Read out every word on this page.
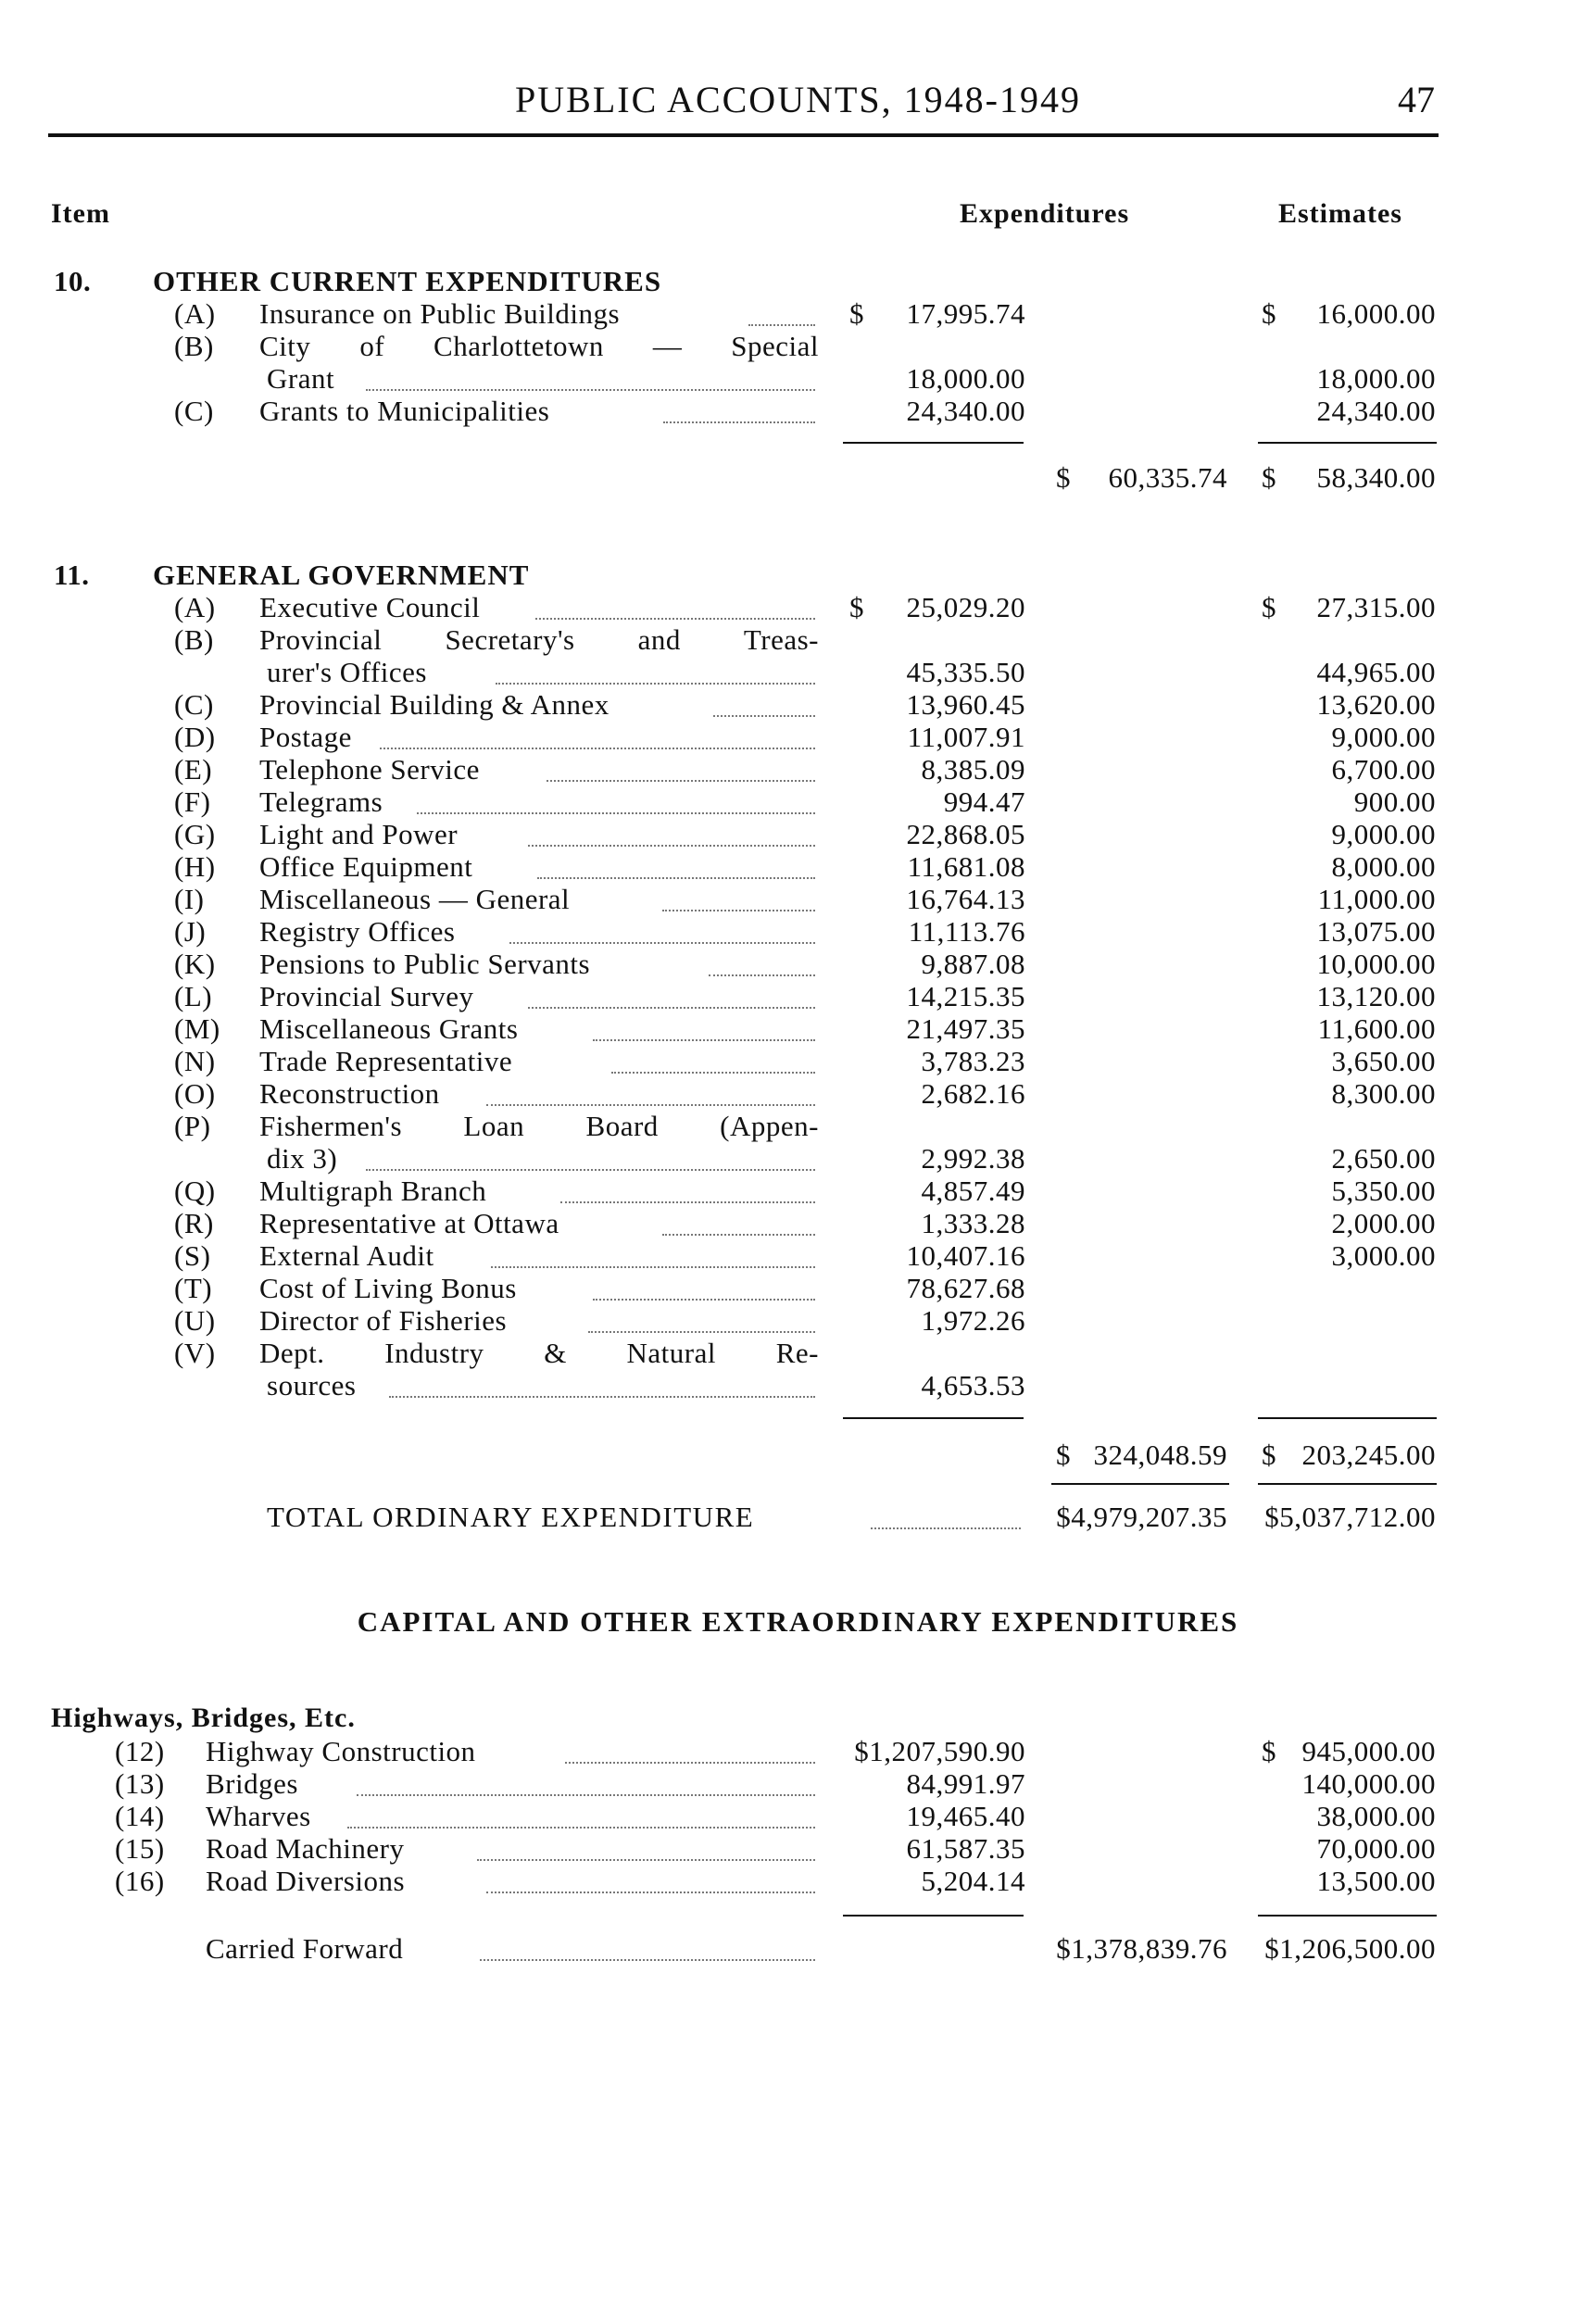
PUBLIC ACCOUNTS, 1948-1949	47
Item	Expenditures	Estimates
10. OTHER CURRENT EXPENDITURES
(A) Insurance on Public Buildings	$ 17,995.74	$ 16,000.00
(B) City of Charlottetown — Special
Grant	18,000.00	18,000.00
(C) Grants to Municipalities	24,340.00	24,340.00
$ 60,335.74 $ 58,340.00
11. GENERAL GOVERNMENT
(A) Executive Council	$ 25,029.20	$ 27,315.00
(B) Provincial Secretary's and Treas-
urer's Offices	45,335.50	44,965.00
(C) Provincial Building & Annex	13,960.45	13,620.00
(D) Postage	11,007.91	9,000.00
(E) Telephone Service	8,385.09	6,700.00
(F) Telegrams	994.47	900.00
(G) Light and Power	22,868.05	9,000.00
(H) Office Equipment	11,681.08	8,000.00
(I) Miscellaneous — General	16,764.13	11,000.00
(J) Registry Offices	11,113.76	13,075.00
(K) Pensions to Public Servants	9,887.08	10,000.00
(L) Provincial Survey	14,215.35	13,120.00
(M) Miscellaneous Grants	21,497.35	11,600.00
(N) Trade Representative	3,783.23	3,650.00
(O) Reconstruction	2,682.16	8,300.00
(P) Fishermen's Loan Board (Appen-
dix 3)	2,992.38	2,650.00
(Q) Multigraph Branch	4,857.49	5,350.00
(R) Representative at Ottawa	1,333.28	2,000.00
(S) External Audit	10,407.16	3,000.00
(T) Cost of Living Bonus	78,627.68
(U) Director of Fisheries	1,972.26
(V) Dept. Industry & Natural Re-
sources	4,653.53
$ 324,048.59 $ 203,245.00
TOTAL ORDINARY EXPENDITURE	$4,979,207.35 $5,037,712.00
CAPITAL AND OTHER EXTRAORDINARY EXPENDITURES
Highways, Bridges, Etc.
(12) Highway Construction	$1,207,590.90	$ 945,000.00
(13) Bridges	84,991.97	140,000.00
(14) Wharves	19,465.40	38,000.00
(15) Road Machinery	61,587.35	70,000.00
(16) Road Diversions	5,204.14	13,500.00
Carried Forward	$1,378,839.76 $1,206,500.00
